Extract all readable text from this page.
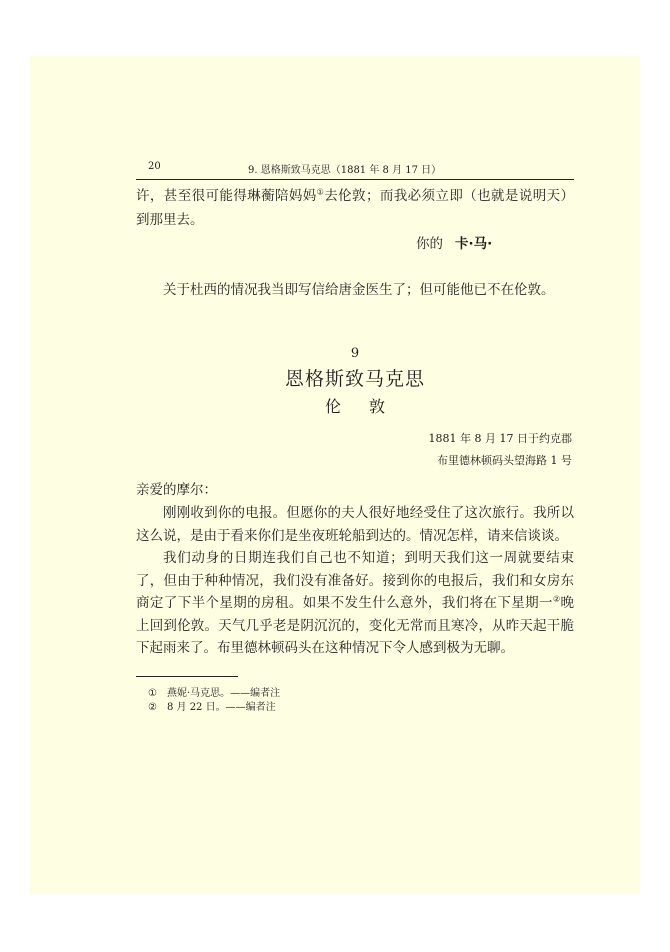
20	9. 恩格斯致马克思（1881 年 8 月 17 日）

许，甚至很可能得琳蘅陪妈妈①去伦敦；而我必须立即（也就是说明天）到那里去。

你的 卡·马·

关于杜西的情况我当即写信给唐金医生了；但可能他已不在伦敦。

9
恩格斯致马克思
伦敦
1881 年 8 月 17 日于约克郡
布里德林顿码头望海路 1 号

亲爱的摩尔：

刚刚收到你的电报。但愿你的夫人很好地经受住了这次旅行。我所以这么说，是由于看来你们是坐夜班轮船到达的。情况怎样，请来信谈谈。

我们动身的日期连我们自己也不知道；到明天我们这一周就要结束了，但由于种种情况，我们没有准备好。接到你的电报后，我们和女房东商定了下半个星期的房租。如果不发生什么意外，我们将在下星期一②晚上回到伦敦。天气几乎老是阴沉沉的，变化无常而且寒冷，从昨天起干脆下起雨来了。布里德林顿码头在这种情况下令人感到极为无聊。

① 燕妮·马克思。——编者注
② 8 月 22 日。——编者注
